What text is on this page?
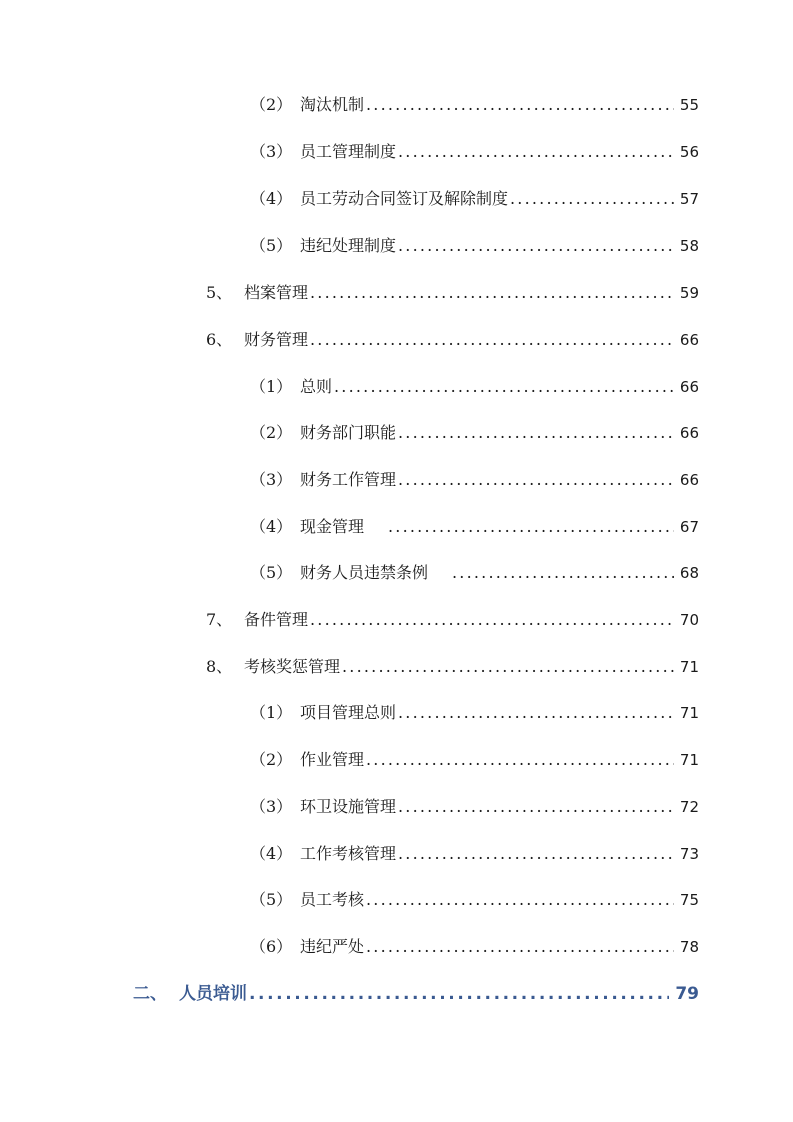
（2） 淘汰机制 .....	55
（3） 员工管理制度 .....	56
（4） 员工劳动合同签订及解除制度 .....	57
（5） 违纪处理制度 .....	58
5、 档案管理 .....	59
6、 财务管理 .....	66
（1） 总则 .....	66
（2） 财务部门职能 .....	66
（3） 财务工作管理 .....	66
（4） 现金管理 .....	67
（5） 财务人员违禁条例 .....	68
7、 备件管理 .....	70
8、 考核奖惩管理 .....	71
（1） 项目管理总则 .....	71
（2） 作业管理 .....	71
（3） 环卫设施管理 .....	72
（4） 工作考核管理 .....	73
（5） 员工考核 .....	75
（6） 违纪严处 .....	78
二、 人员培训 .....	79
